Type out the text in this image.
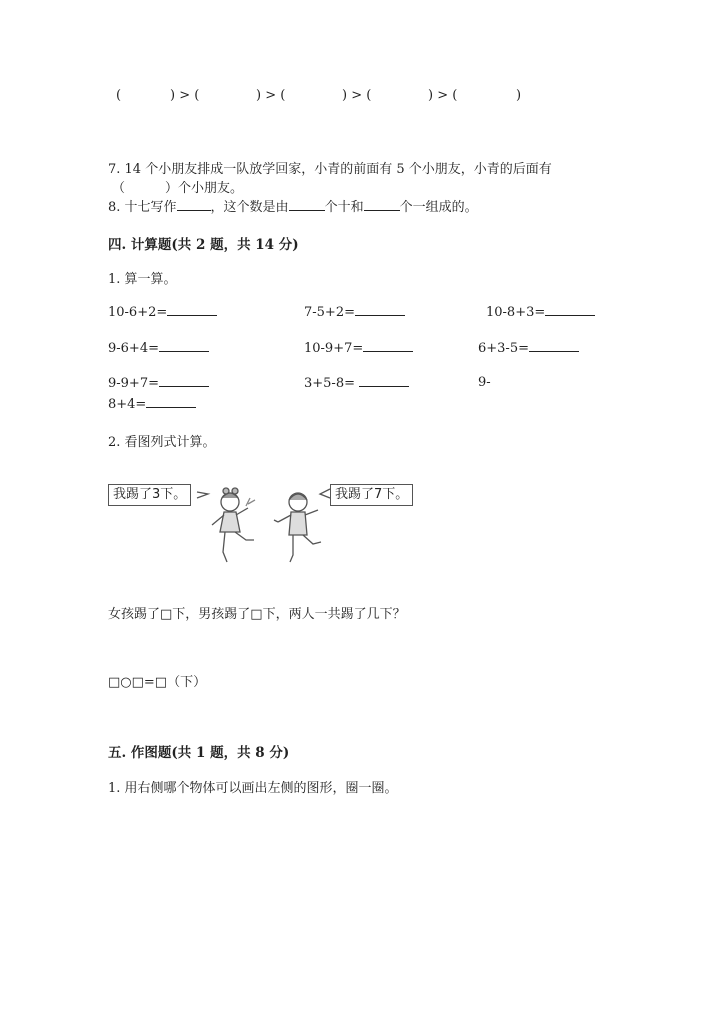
(	) > (	) > (	) > (	) > (	)
7. 14 个小朋友排成一队放学回家，小青的前面有 5 个小朋友，小青的后面有
（	）个小朋友。
8. 十七写作	，这个数是由	个十和	个一组成的。
四. 计算题(共 2 题，共 14 分)
1. 算一算。
10-6+2=	7-5+2=	10-8+3=
9-6+4=	10-9+7=	6+3-5=
9-9+7=	3+5-8=	9-
8+4=
2. 看图列式计算。
我踢了3下。	我踢了7下。
女孩踢了□下，男孩踢了□下，两人一共踢了几下？
□○□=□（下）
五. 作图题(共 1 题，共 8 分)
1. 用右侧哪个物体可以画出左侧的图形，圈一圈。
